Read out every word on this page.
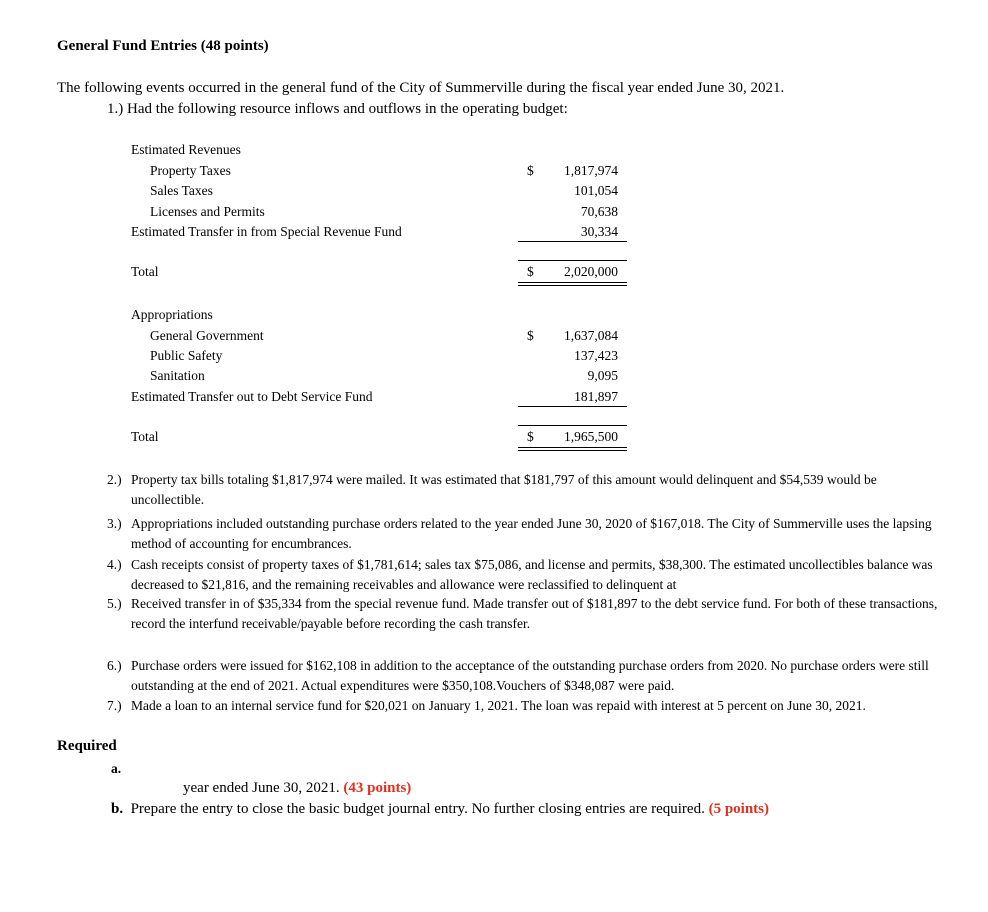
General Fund Entries (48 points)
The following events occurred in the general fund of the City of Summerville during the fiscal year ended June 30, 2021.
1.) Had the following resource inflows and outflows in the operating budget:
Estimated Revenues
Property Taxes	$	1,817,974
Sales Taxes	101,054
Licenses and Permits	70,638
Estimated Transfer in from Special Revenue Fund	30,334
Total	$	2,020,000
Appropriations
General Government	$	1,637,084
Public Safety	137,423
Sanitation	9,095
Estimated Transfer out to Debt Service Fund	181,897
Total	$	1,965,500
2.) Property tax bills totaling $1,817,974 were mailed. It was estimated that $181,797 of this amount would delinquent and $54,539 would be uncollectible.
3.) Appropriations included outstanding purchase orders related to the year ended June 30, 2020 of $167,018. The City of Summerville uses the lapsing method of accounting for encumbrances.
4.) Cash receipts consist of property taxes of $1,781,614; sales tax $75,086, and license and permits, $38,300. The estimated uncollectibles balance was decreased to $21,816, and the remaining receivables and allowance were reclassified to delinquent at
5.) Received transfer in of $35,334 from the special revenue fund. Made transfer out of $181,897 to the debt service fund. For both of these transactions, record the interfund receivable/payable before recording the cash transfer.
6.) Purchase orders were issued for $162,108 in addition to the acceptance of the outstanding purchase orders from 2020. No purchase orders were still outstanding at the end of 2021. Actual expenditures were $350,108.Vouchers of $348,087 were paid.
7.) Made a loan to an internal service fund for $20,021 on January 1, 2021. The loan was repaid with interest at 5 percent on June 30, 2021.
Required
a.
year ended June 30, 2021. (43 points)
b. Prepare the entry to close the basic budget journal entry. No further closing entries are required. (5 points)
